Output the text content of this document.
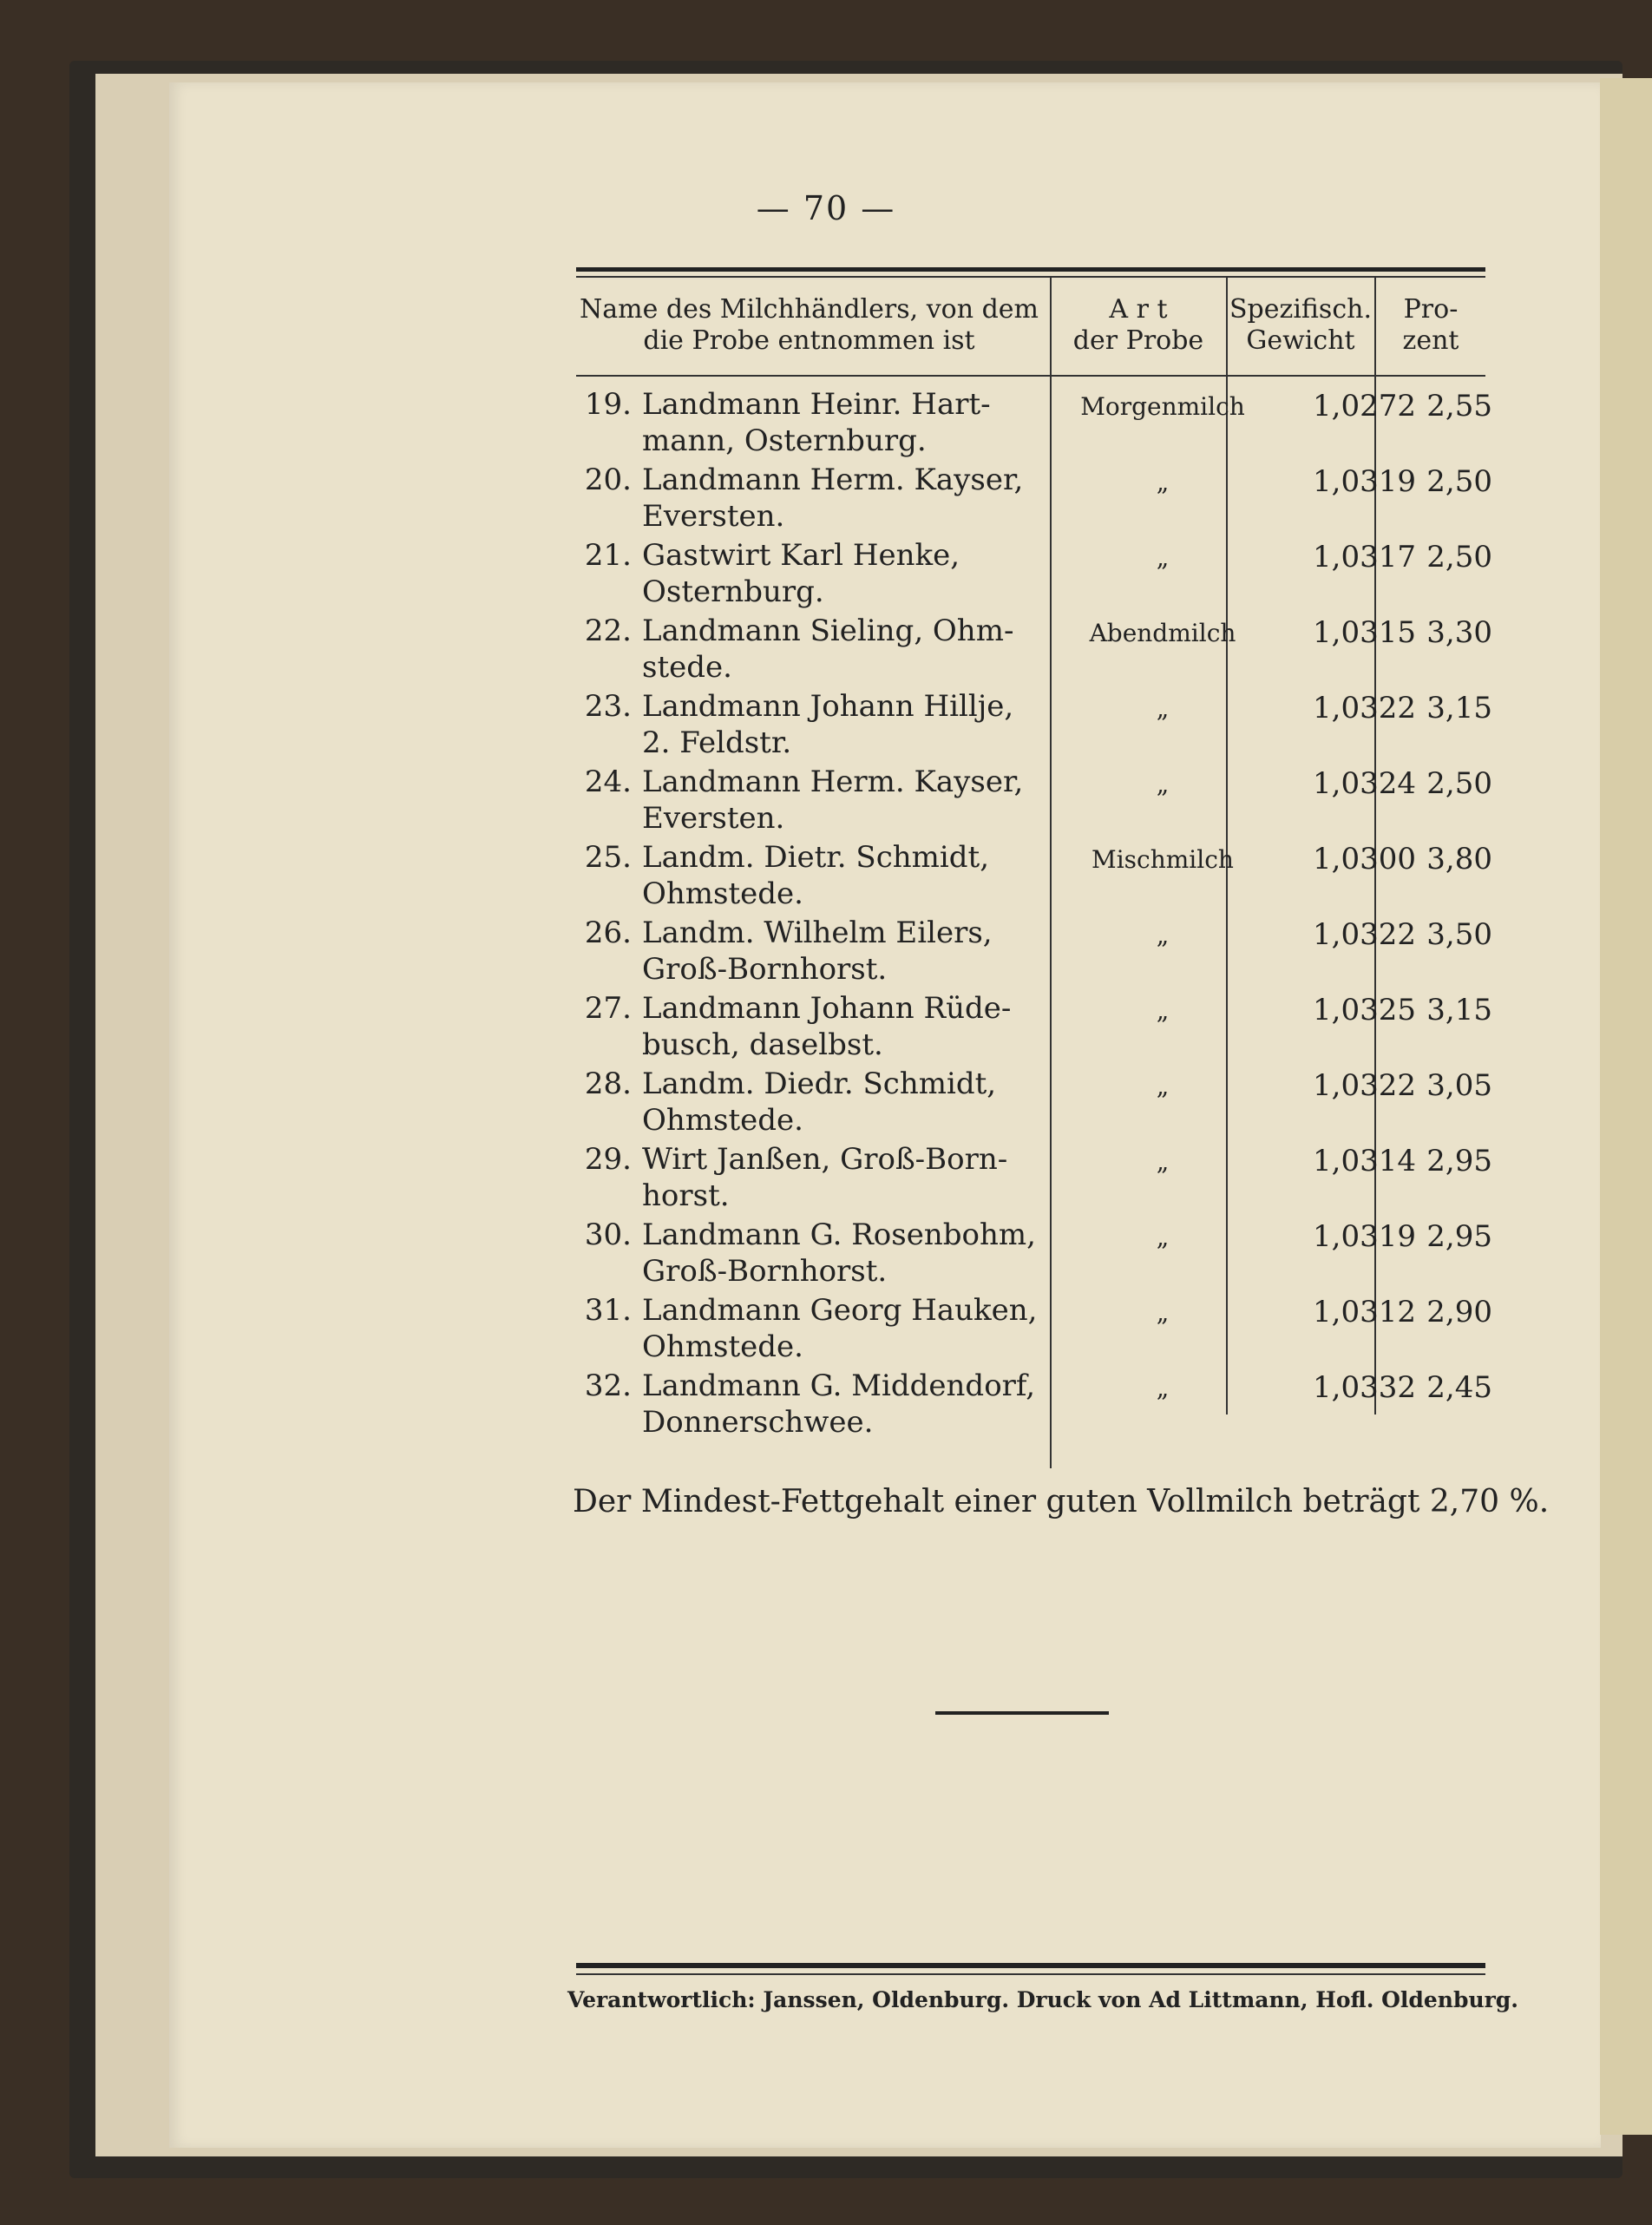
— 70 —
Name des Milchhändlers, von dem
die Probe entnommen ist
A r t
der Probe
Spezifisch.
Gewicht
Pro-
zent
19. Landmann Heinr. Hart-
mann, Osternburg.
Morgenmilch	1,0272 2,55
20. Landmann Herm. Kayser,
Eversten.
„	1,0319 2,50
21. Gastwirt Karl Henke,
Osternburg.
„	1,0317 2,50
22. Landmann Sieling, Ohm-
stede.
Abendmilch	1,0315 3,30
23. Landmann Johann Hillje,
2. Feldstr.
„	1,0322 3,15
24. Landmann Herm. Kayser,
Eversten.
„	1,0324 2,50
25. Landm. Dietr. Schmidt,
Ohmstede.
Mischmilch	1,0300 3,80
26. Landm. Wilhelm Eilers,
Groß-Bornhorst.
„	1,0322 3,50
27. Landmann Johann Rüde-
busch, daselbst.
„	1,0325 3,15
28. Landm. Diedr. Schmidt,
Ohmstede.
„	1,0322 3,05
29. Wirt Janßen, Groß-Born-
horst.
„	1,0314 2,95
30. Landmann G. Rosenbohm,
Groß-Bornhorst.
„	1,0319 2,95
31. Landmann Georg Hauken,
Ohmstede.
„	1,0312 2,90
32. Landmann G. Middendorf,
Donnerschwee.
„	1,0332 2,45
Der Mindest-Fettgehalt einer guten Vollmilch beträgt 2,70 %.
Verantwortlich: Janssen, Oldenburg. Druck von Ad Littmann, Hofl. Oldenburg.
